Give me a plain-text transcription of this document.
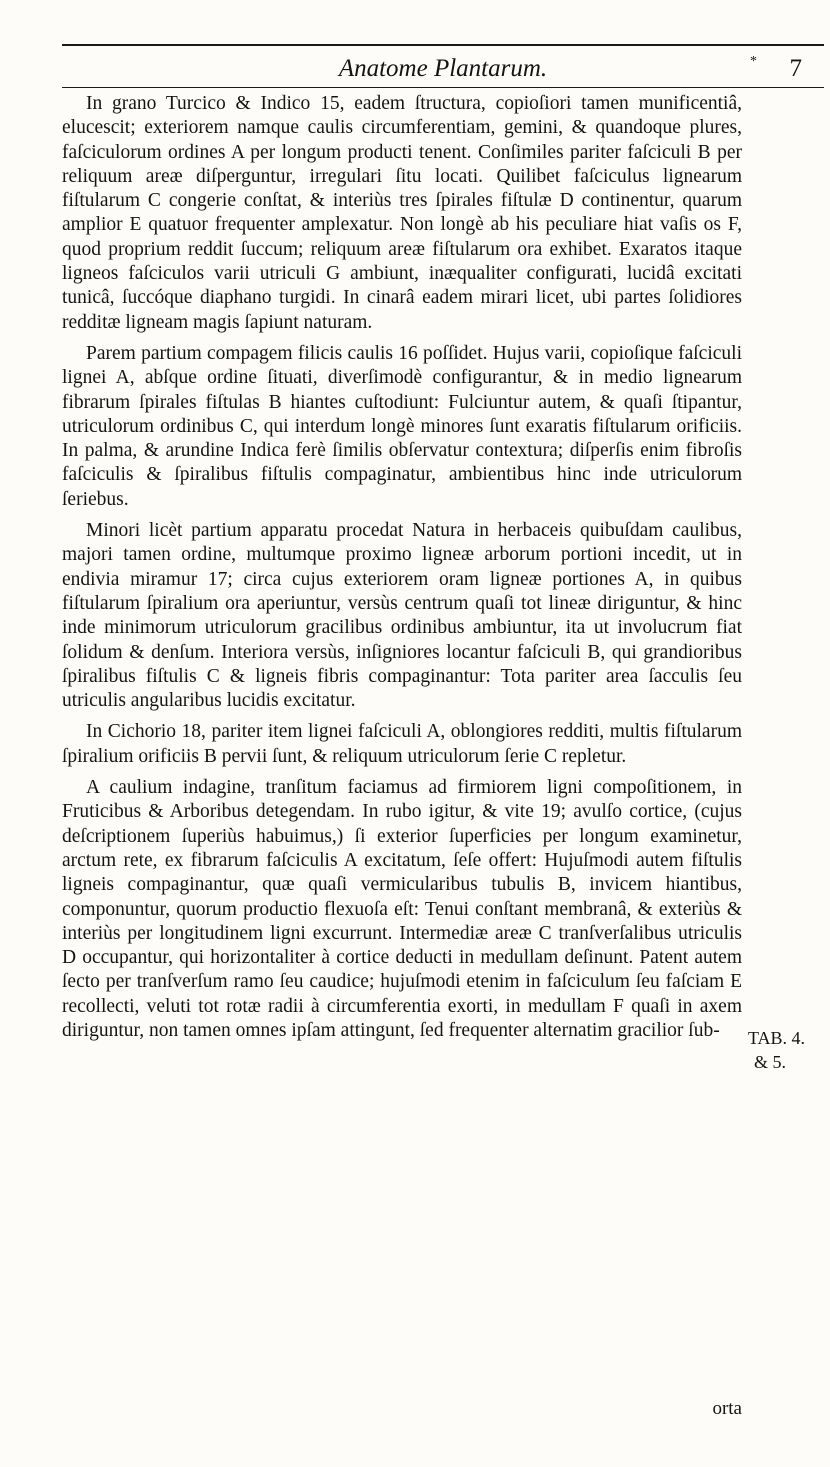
Anatome Plantarum.	* 7

In grano Turcico & Indico 15, eadem ſtructura, copioſiori tamen munificentiâ, elucescit; exteriorem namque caulis circumferentiam, gemini, & quandoque plures, faſciculorum ordines A per longum producti tenent. Conſimiles pariter faſciculi B per reliquum areæ diſperguntur, irregulari ſitu locati. Quilibet faſciculus lignearum fiſtularum C congerie conſtat, & interiùs tres ſpirales fiſtulæ D continentur, quarum amplior E quatuor frequenter amplexatur. Non longè ab his peculiare hiat vaſis os F, quod proprium reddit ſuccum; reliquum areæ fiſtularum ora exhibet. Exaratos itaque ligneos faſciculos varii utriculi G ambiunt, inæqualiter configurati, lucidâ excitati tunicâ, ſuccóque diaphano turgidi. In cinarâ eadem mirari licet, ubi partes ſolidiores redditæ ligneam magis ſapiunt naturam.

Parem partium compagem filicis caulis 16 poſſidet. Hujus varii, copioſique faſciculi lignei A, abſque ordine ſituati, diverſimodè configurantur, & in medio lignearum fibrarum ſpirales fiſtulas B hiantes cuſtodiunt: Fulciuntur autem, & quaſi ſtipantur, utriculorum ordinibus C, qui interdum longè minores ſunt exaratis fiſtularum orificiis. In palma, & arundine Indica ferè ſimilis obſervatur contextura; diſperſis enim fibroſis faſciculis & ſpiralibus fiſtulis compaginatur, ambientibus hinc inde utriculorum ſeriebus.

Minori licèt partium apparatu procedat Natura in herbaceis quibuſdam caulibus, majori tamen ordine, multumque proximo ligneæ arborum portioni incedit, ut in endivia miramur 17; circa cujus exteriorem oram ligneæ portiones A, in quibus fiſtularum ſpiralium ora aperiuntur, versùs centrum quaſi tot lineæ diriguntur, & hinc inde minimorum utriculorum gracilibus ordinibus ambiuntur, ita ut involucrum fiat ſolidum & denſum. Interiora versùs, inſigniores locantur faſciculi B, qui grandioribus ſpiralibus fiſtulis C & ligneis fibris compaginantur: Tota pariter area ſacculis ſeu utriculis angularibus lucidis excitatur.

In Cichorio 18, pariter item lignei faſciculi A, oblongiores redditi, multis fiſtularum ſpiralium orificiis B pervii ſunt, & reliquum utriculorum ſerie C repletur.

A caulium indagine, tranſitum faciamus ad firmiorem ligni compoſitionem, in Fruticibus & Arboribus detegendam. In rubo igitur, & vite 19; avulſo cortice, (cujus deſcriptionem ſuperiùs habuimus,) ſi exterior ſuperficies per longum examinetur, arctum rete, ex fibrarum faſciculis A excitatum, ſeſe offert: Hujuſmodi autem fiſtulis ligneis compaginantur, quæ quaſi vermicularibus tubulis B, invicem hiantibus, componuntur, quorum productio flexuoſa eſt: Tenui conſtant membranâ, & exteriùs & interiùs per longitudinem ligni excurrunt. Intermediæ areæ C tranſverſalibus utriculis D occupantur, qui horizontaliter à cortice deducti in medullam deſinunt. Patent autem ſecto per tranſverſum ramo ſeu caudice; hujuſmodi etenim in faſciculum ſeu faſciam E recollecti, veluti tot rotæ radii à circumferentia exorti, in medullam F quaſi in axem diriguntur, non tamen omnes ipſam attingunt, ſed frequenter alternatim gracilior ſub-	TAB. 4.
& 5.
orta
